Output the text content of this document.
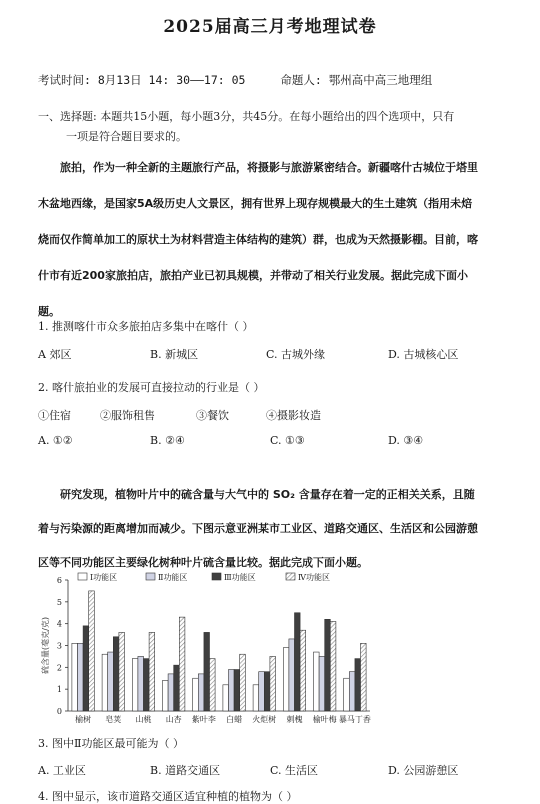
2025届高三月考地理试卷
考试时间: 8月13日 14: 30——17: 05	命题人: 鄂州高中高三地理组
一、选择题: 本题共15小题，每小题3分，共45分。在每小题给出的四个选项中，只有
一项是符合题目要求的。
旅拍，作为一种全新的主题旅行产品，将摄影与旅游紧密结合。新疆喀什古城位于塔里
木盆地西缘，是国家5A级历史人文景区，拥有世界上现存规模最大的生土建筑（指用未焙
烧而仅作简单加工的原状土为材料营造主体结构的建筑）群，也成为天然摄影棚。目前，喀
什市有近200家旅拍店，旅拍产业已初具规模，并带动了相关行业发展。据此完成下面小
题。
1. 推测喀什市众多旅拍店多集中在喀什（ ）
A 郊区	B. 新城区	C. 古城外缘	D. 古城核心区
2. 喀什旅拍业的发展可直接拉动的行业是（ ）
①住宿	②服饰租售	③餐饮	④摄影妆造
A. ①②	B. ②④	C. ①③	D. ③④
研究发现，植物叶片中的硫含量与大气中的 SO₂ 含量存在着一定的正相关关系，且随
着与污染源的距离增加而减少。下图示意亚洲某市工业区、道路交通区、生活区和公园游憩
区等不同功能区主要绿化树种叶片硫含量比较。据此完成下面小题。
0
1
2
3
4
5
6
硫含量(毫克/克)
榆树 皂荚 山桃 山杏 紫叶李 白蜡 火炬树 刺槐 榆叶梅 暴马丁香
Ⅰ功能区	Ⅱ功能区	Ⅲ功能区	Ⅳ功能区
3. 图中Ⅱ功能区最可能为（ ）
A. 工业区	B. 道路交通区	C. 生活区	D. 公园游憩区
4. 图中显示，该市道路交通区适宜种植的植物为（ ）
